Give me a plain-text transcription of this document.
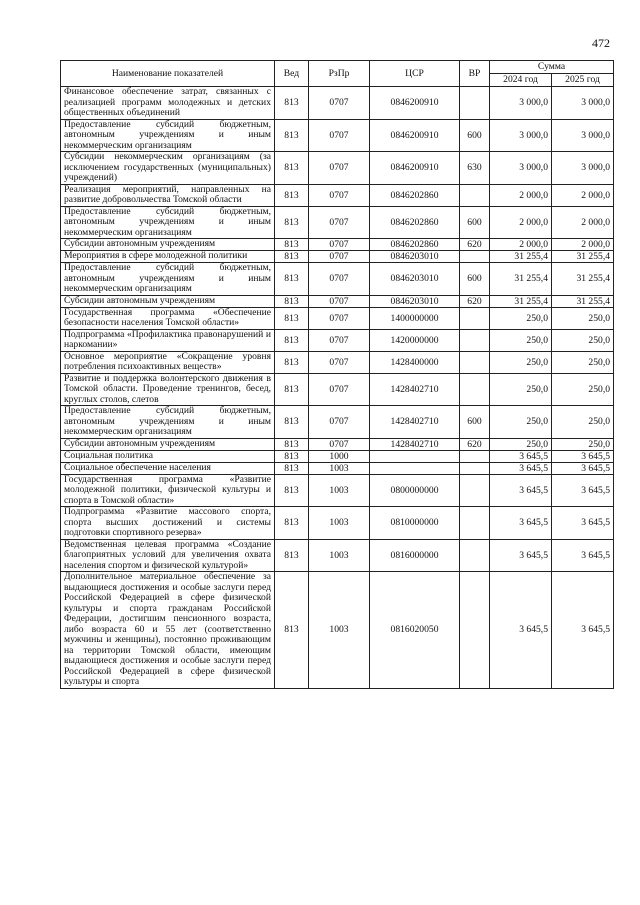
472
Наименование показателей	Вед	РзПр	ЦСР	ВР	Сумма	
					2024 год	2025 год
Финансовое обеспечение затрат, связанных с реализацией программ молодежных и детских общественных объединений	813	0707	0846200910		3 000,0	3 000,0
Предоставление субсидий бюджетным, автономным учреждениям и иным некоммерческим организациям	813	0707	0846200910	600	3 000,0	3 000,0
Субсидии некоммерческим организациям (за исключением государственных (муниципальных) учреждений)	813	0707	0846200910	630	3 000,0	3 000,0
Реализация мероприятий, направленных на развитие добровольчества Томской области	813	0707	0846202860		2 000,0	2 000,0
Предоставление субсидий бюджетным, автономным учреждениям и иным некоммерческим организациям	813	0707	0846202860	600	2 000,0	2 000,0
Субсидии автономным учреждениям	813	0707	0846202860	620	2 000,0	2 000,0
Мероприятия в сфере молодежной политики	813	0707	0846203010		31 255,4	31 255,4
Предоставление субсидий бюджетным, автономным учреждениям и иным некоммерческим организациям	813	0707	0846203010	600	31 255,4	31 255,4
Субсидии автономным учреждениям	813	0707	0846203010	620	31 255,4	31 255,4
Государственная программа «Обеспечение безопасности населения Томской области»	813	0707	1400000000		250,0	250,0
Подпрограмма «Профилактика правонарушений и наркомании»	813	0707	1420000000		250,0	250,0
Основное мероприятие «Сокращение уровня потребления психоактивных веществ»	813	0707	1428400000		250,0	250,0
Развитие и поддержка волонтерского движения в Томской области. Проведение тренингов, бесед, круглых столов, слетов	813	0707	1428402710		250,0	250,0
Предоставление субсидий бюджетным, автономным учреждениям и иным некоммерческим организациям	813	0707	1428402710	600	250,0	250,0
Субсидии автономным учреждениям	813	0707	1428402710	620	250,0	250,0
Социальная политика	813	1000			3 645,5	3 645,5
Социальное обеспечение населения	813	1003			3 645,5	3 645,5
Государственная программа «Развитие молодежной политики, физической культуры и спорта в Томской области»	813	1003	0800000000		3 645,5	3 645,5
Подпрограмма «Развитие массового спорта, спорта высших достижений и системы подготовки спортивного резерва»	813	1003	0810000000		3 645,5	3 645,5
Ведомственная целевая программа «Создание благоприятных условий для увеличения охвата населения спортом и физической культурой»	813	1003	0816000000		3 645,5	3 645,5
Дополнительное материальное обеспечение за выдающиеся достижения и особые заслуги перед Российской Федерацией в сфере физической культуры и спорта гражданам Российской Федерации, достигшим пенсионного возраста, либо возраста 60 и 55 лет (соответственно мужчины и женщины), постоянно проживающим на территории Томской области, имеющим выдающиеся достижения и особые заслуги перед Российской Федерацией в сфере физической культуры и спорта	813	1003	0816020050		3 645,5	3 645,5
